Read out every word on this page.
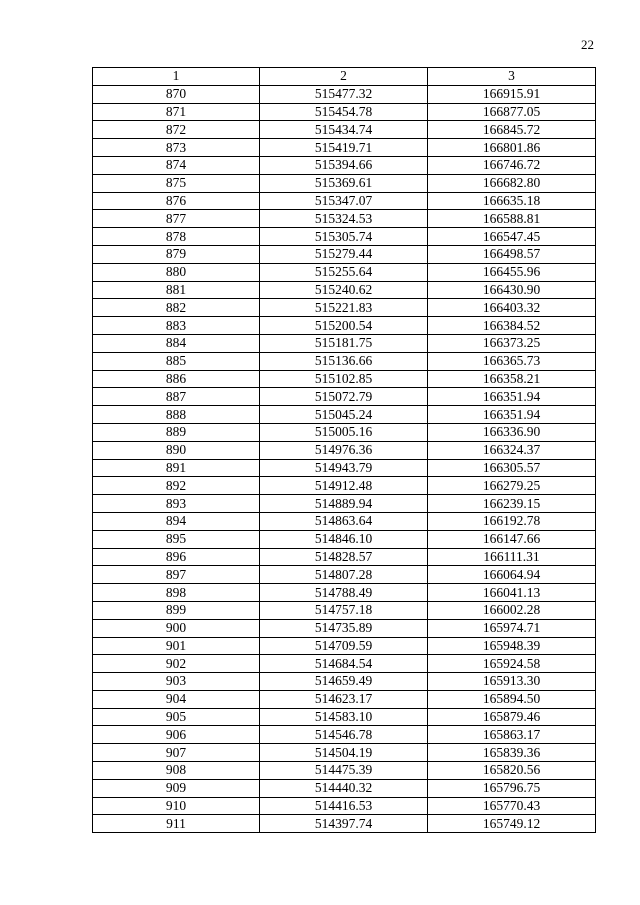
22
1	2	3
870	515477.32	166915.91
871	515454.78	166877.05
872	515434.74	166845.72
873	515419.71	166801.86
874	515394.66	166746.72
875	515369.61	166682.80
876	515347.07	166635.18
877	515324.53	166588.81
878	515305.74	166547.45
879	515279.44	166498.57
880	515255.64	166455.96
881	515240.62	166430.90
882	515221.83	166403.32
883	515200.54	166384.52
884	515181.75	166373.25
885	515136.66	166365.73
886	515102.85	166358.21
887	515072.79	166351.94
888	515045.24	166351.94
889	515005.16	166336.90
890	514976.36	166324.37
891	514943.79	166305.57
892	514912.48	166279.25
893	514889.94	166239.15
894	514863.64	166192.78
895	514846.10	166147.66
896	514828.57	166111.31
897	514807.28	166064.94
898	514788.49	166041.13
899	514757.18	166002.28
900	514735.89	165974.71
901	514709.59	165948.39
902	514684.54	165924.58
903	514659.49	165913.30
904	514623.17	165894.50
905	514583.10	165879.46
906	514546.78	165863.17
907	514504.19	165839.36
908	514475.39	165820.56
909	514440.32	165796.75
910	514416.53	165770.43
911	514397.74	165749.12
